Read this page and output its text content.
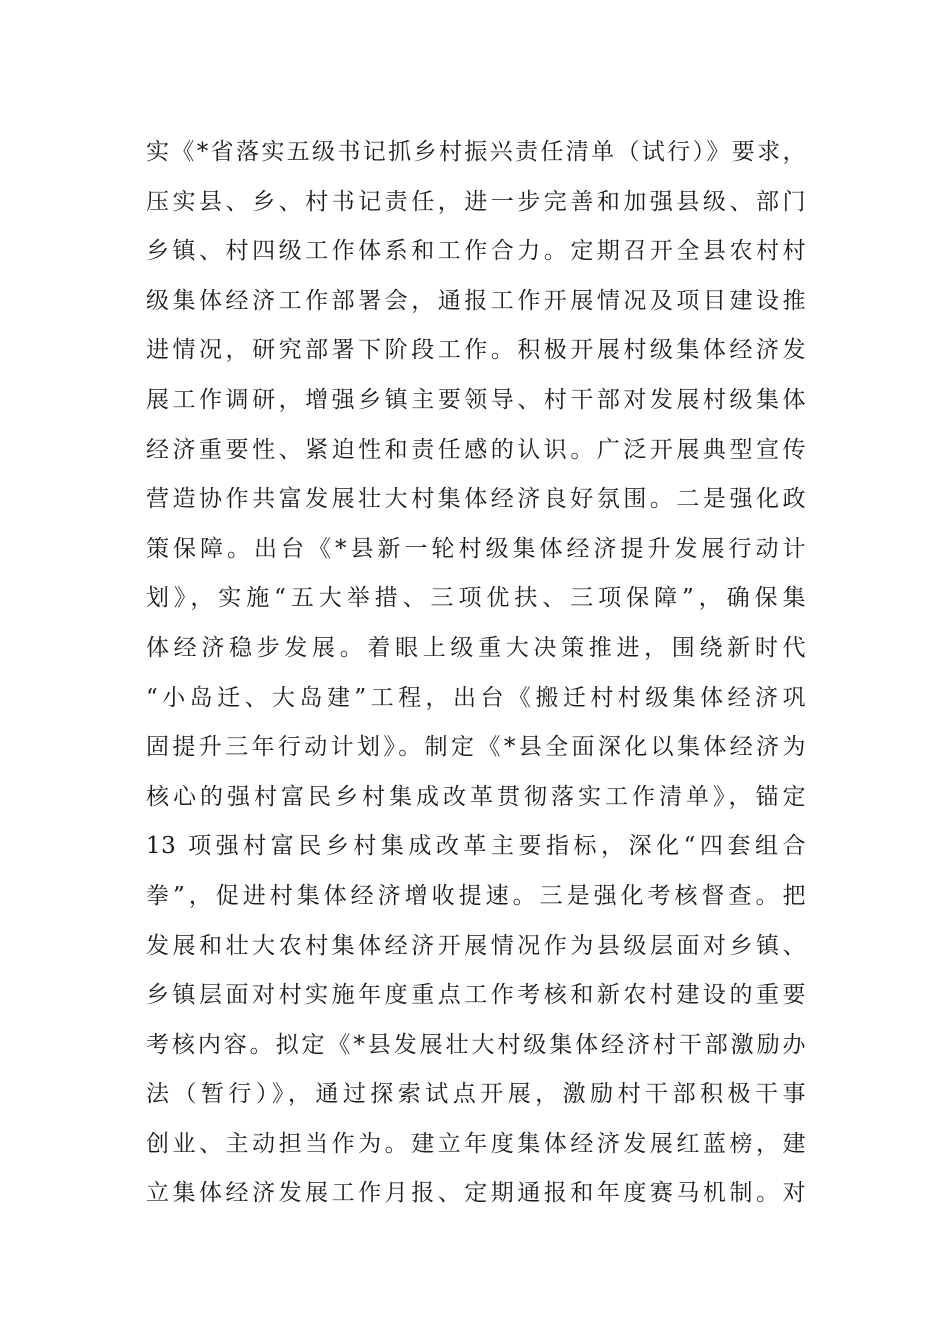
实《*省落实五级书记抓乡村振兴责任清单（试行）》要求，
压实县、乡、村书记责任，进一步完善和加强县级、部门
乡镇、村四级工作体系和工作合力。定期召开全县农村村
级集体经济工作部署会，通报工作开展情况及项目建设推
进情况，研究部署下阶段工作。积极开展村级集体经济发
展工作调研，增强乡镇主要领导、村干部对发展村级集体
经济重要性、紧迫性和责任感的认识。广泛开展典型宣传
营造协作共富发展壮大村集体经济良好氛围。二是强化政
策保障。出台《*县新一轮村级集体经济提升发展行动计
划》，实施“五大举措、三项优扶、三项保障”，确保集
体经济稳步发展。着眼上级重大决策推进，围绕新时代
“小岛迁、大岛建”工程，出台《搬迁村村级集体经济巩
固提升三年行动计划》。制定《*县全面深化以集体经济为
核心的强村富民乡村集成改革贯彻落实工作清单》，锚定
13 项强村富民乡村集成改革主要指标，深化“四套组合
拳”，促进村集体经济增收提速。三是强化考核督查。把
发展和壮大农村集体经济开展情况作为县级层面对乡镇、
乡镇层面对村实施年度重点工作考核和新农村建设的重要
考核内容。拟定《*县发展壮大村级集体经济村干部激励办
法（暂行）》，通过探索试点开展，激励村干部积极干事
创业、主动担当作为。建立年度集体经济发展红蓝榜，建
立集体经济发展工作月报、定期通报和年度赛马机制。对
